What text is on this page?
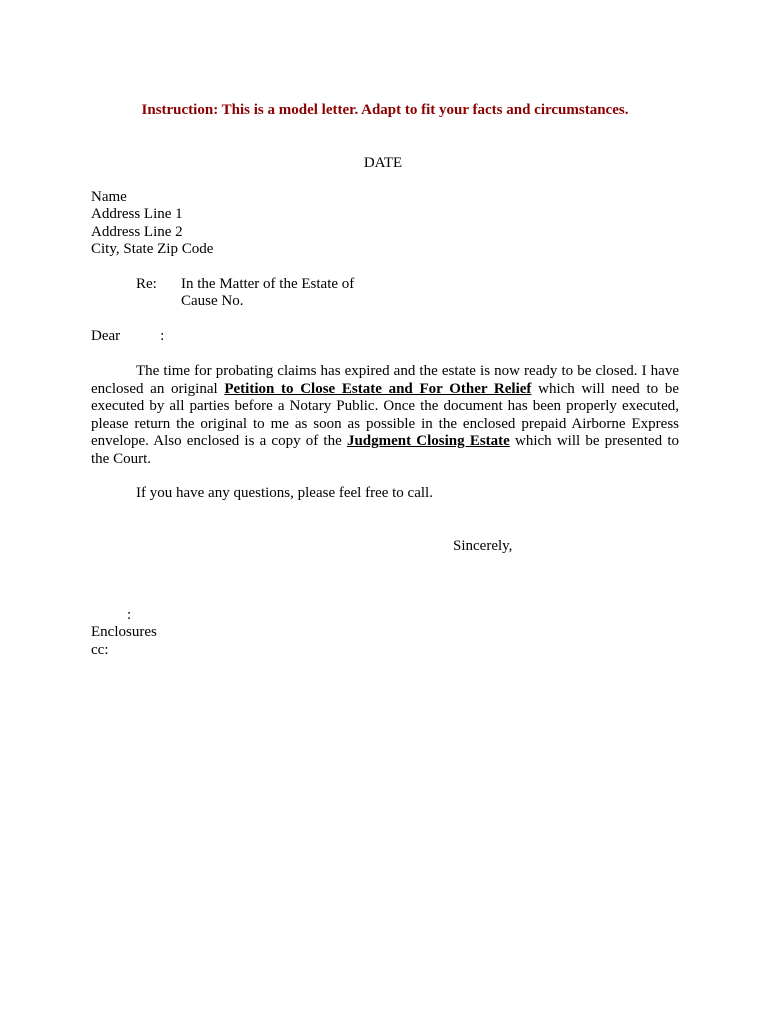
Instruction: This is a model letter. Adapt to fit your facts and circumstances.
DATE
Name
Address Line 1
Address Line 2
City, State Zip Code
Re: In the Matter of the Estate of
Cause No.
Dear	:
The time for probating claims has expired and the estate is now ready to be closed. I have enclosed an original Petition to Close Estate and For Other Relief which will need to be executed by all parties before a Notary Public. Once the document has been properly executed, please return the original to me as soon as possible in the enclosed prepaid Airborne Express envelope. Also enclosed is a copy of the Judgment Closing Estate which will be presented to the Court.
If you have any questions, please feel free to call.
Sincerely,
:
Enclosures
cc:
